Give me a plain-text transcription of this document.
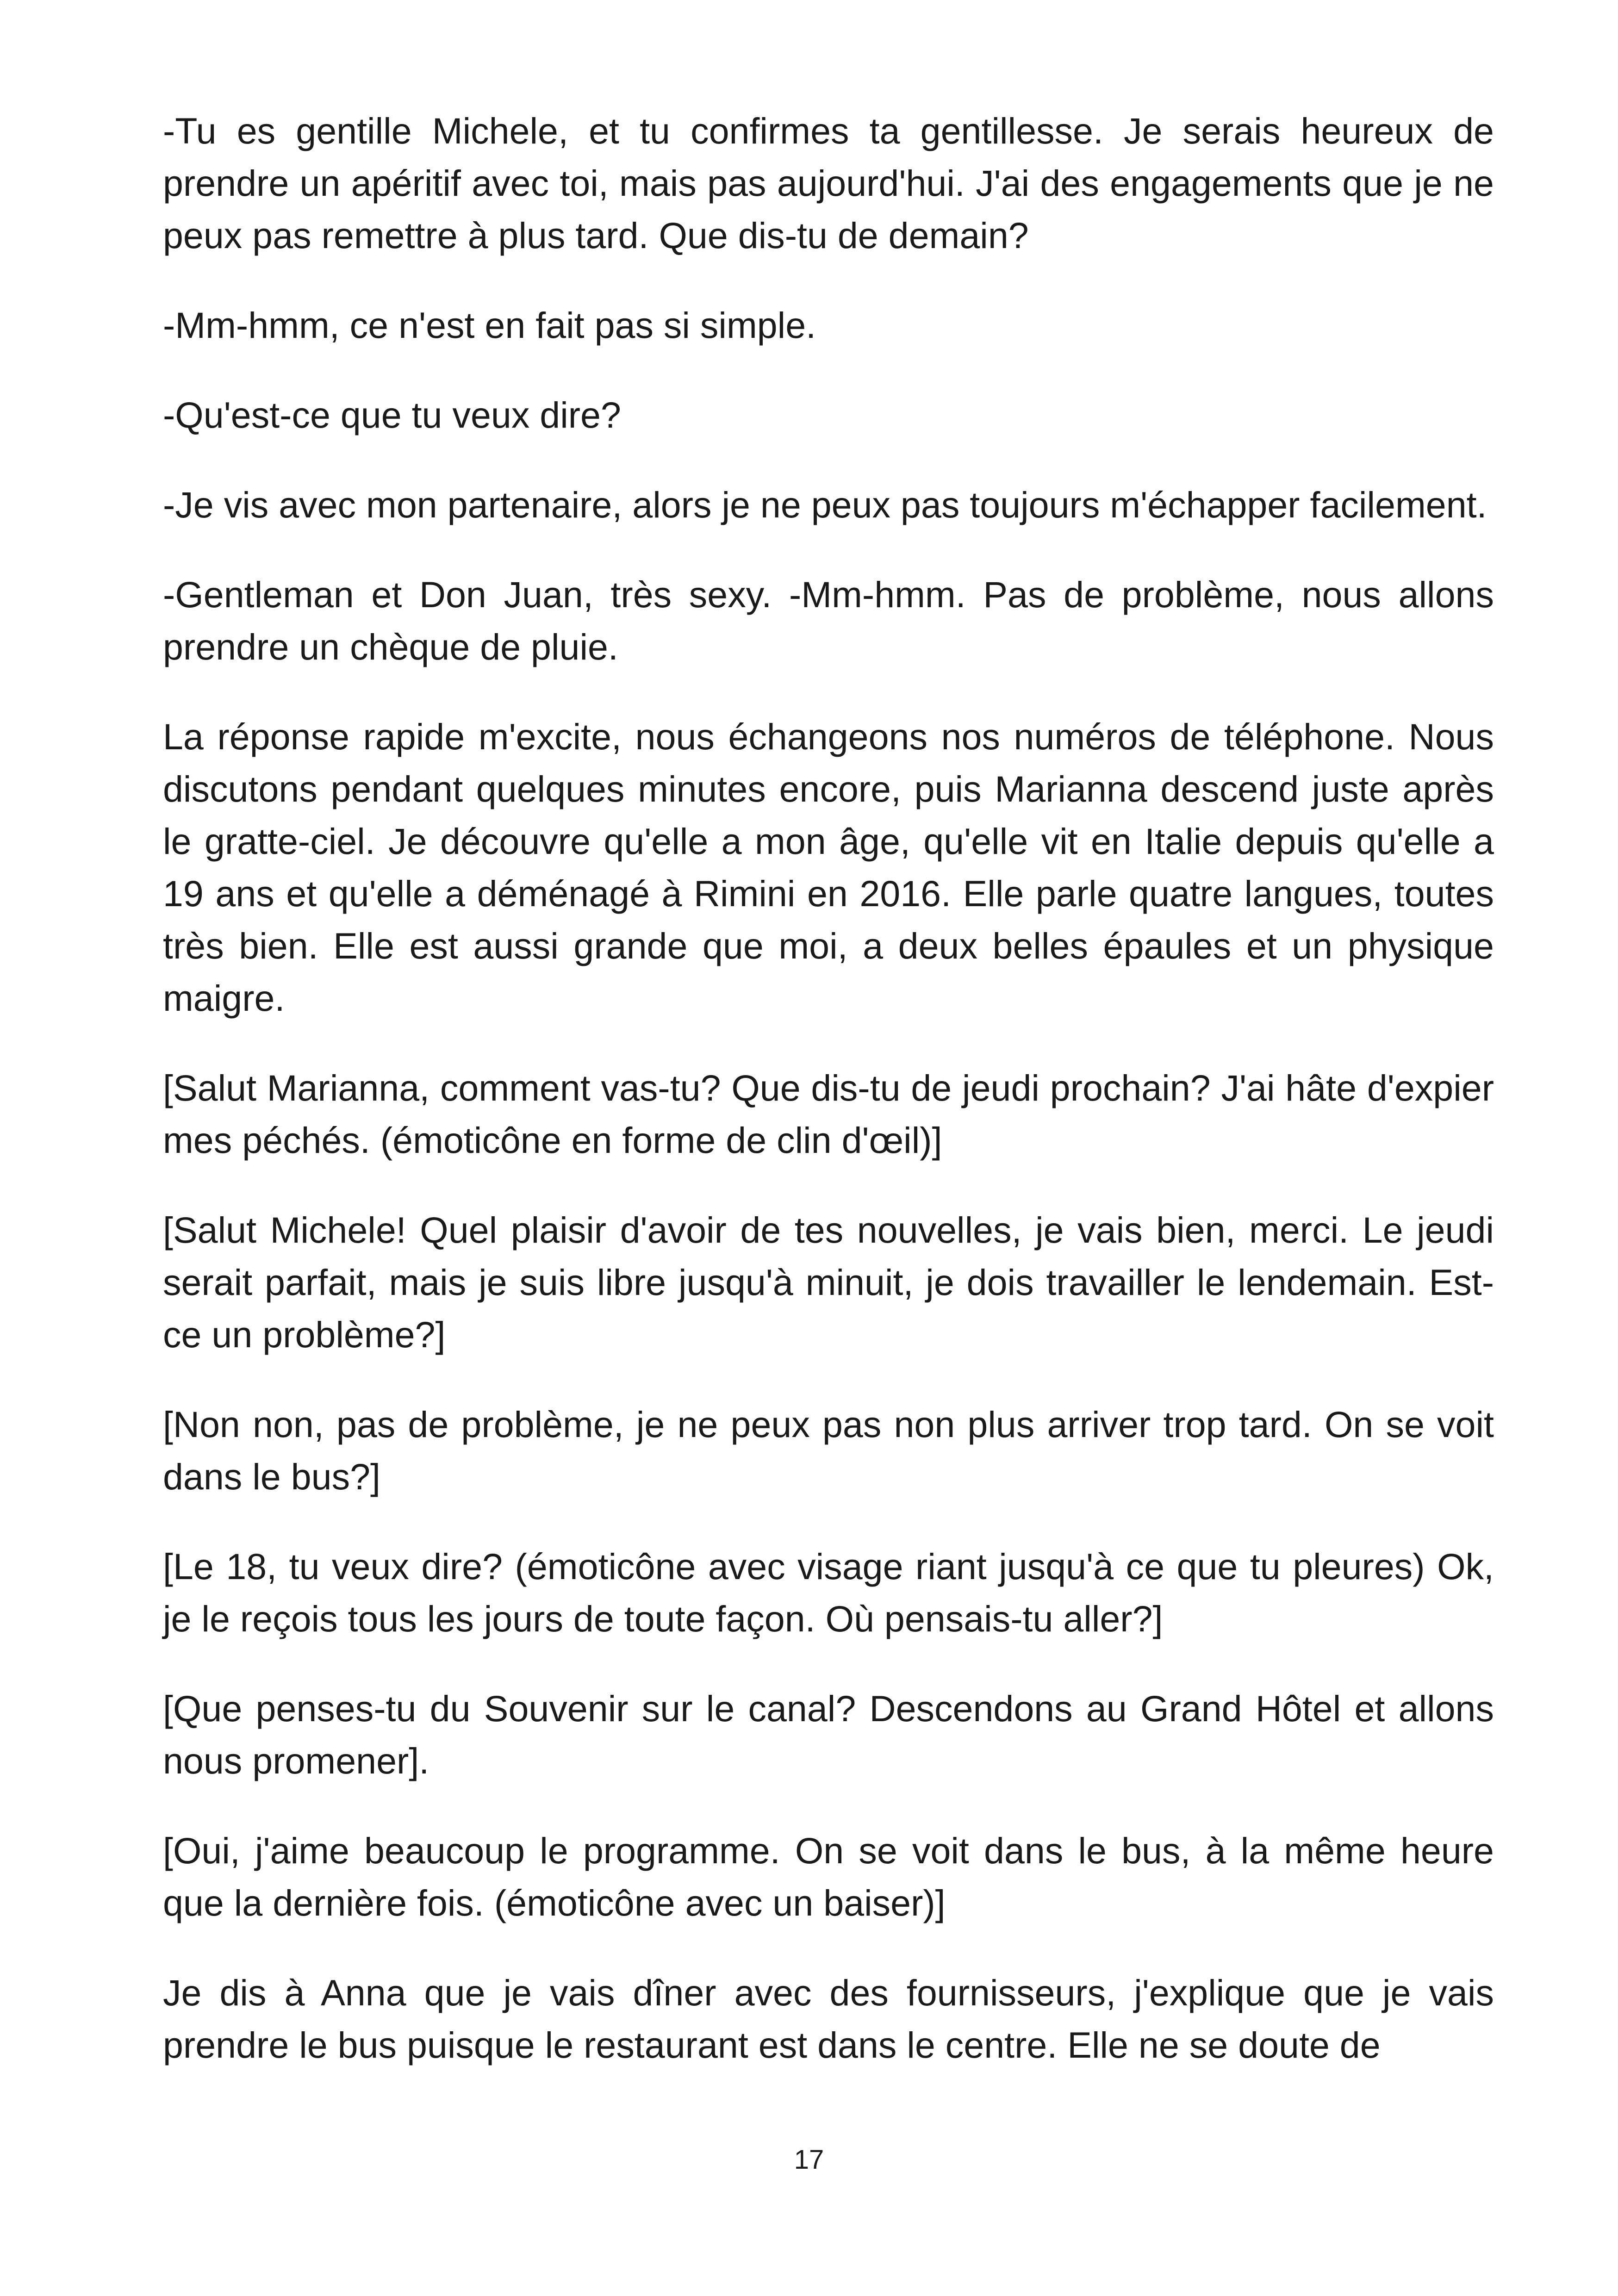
-Tu es gentille Michele, et tu confirmes ta gentillesse. Je serais heureux de prendre un apéritif avec toi, mais pas aujourd'hui. J'ai des engagements que je ne peux pas remettre à plus tard. Que dis-tu de demain?

-Mm-hmm, ce n'est en fait pas si simple.

-Qu'est-ce que tu veux dire?

-Je vis avec mon partenaire, alors je ne peux pas toujours m'échapper facilement.

-Gentleman et Don Juan, très sexy. -Mm-hmm. Pas de problème, nous allons prendre un chèque de pluie.

La réponse rapide m'excite, nous échangeons nos numéros de téléphone. Nous discutons pendant quelques minutes encore, puis Marianna descend juste après le gratte-ciel. Je découvre qu'elle a mon âge, qu'elle vit en Italie depuis qu'elle a 19 ans et qu'elle a déménagé à Rimini en 2016. Elle parle quatre langues, toutes très bien. Elle est aussi grande que moi, a deux belles épaules et un physique maigre.

[Salut Marianna, comment vas-tu? Que dis-tu de jeudi prochain? J'ai hâte d'expier mes péchés. (émoticône en forme de clin d'œil)]

[Salut Michele! Quel plaisir d'avoir de tes nouvelles, je vais bien, merci. Le jeudi serait parfait, mais je suis libre jusqu'à minuit, je dois travailler le lendemain. Est-ce un problème?]

[Non non, pas de problème, je ne peux pas non plus arriver trop tard. On se voit dans le bus?]

[Le 18, tu veux dire? (émoticône avec visage riant jusqu'à ce que tu pleures) Ok, je le reçois tous les jours de toute façon. Où pensais-tu aller?]

[Que penses-tu du Souvenir sur le canal? Descendons au Grand Hôtel et allons nous promener].

[Oui, j'aime beaucoup le programme. On se voit dans le bus, à la même heure que la dernière fois. (émoticône avec un baiser)]

Je dis à Anna que je vais dîner avec des fournisseurs, j'explique que je vais prendre le bus puisque le restaurant est dans le centre. Elle ne se doute de

17
